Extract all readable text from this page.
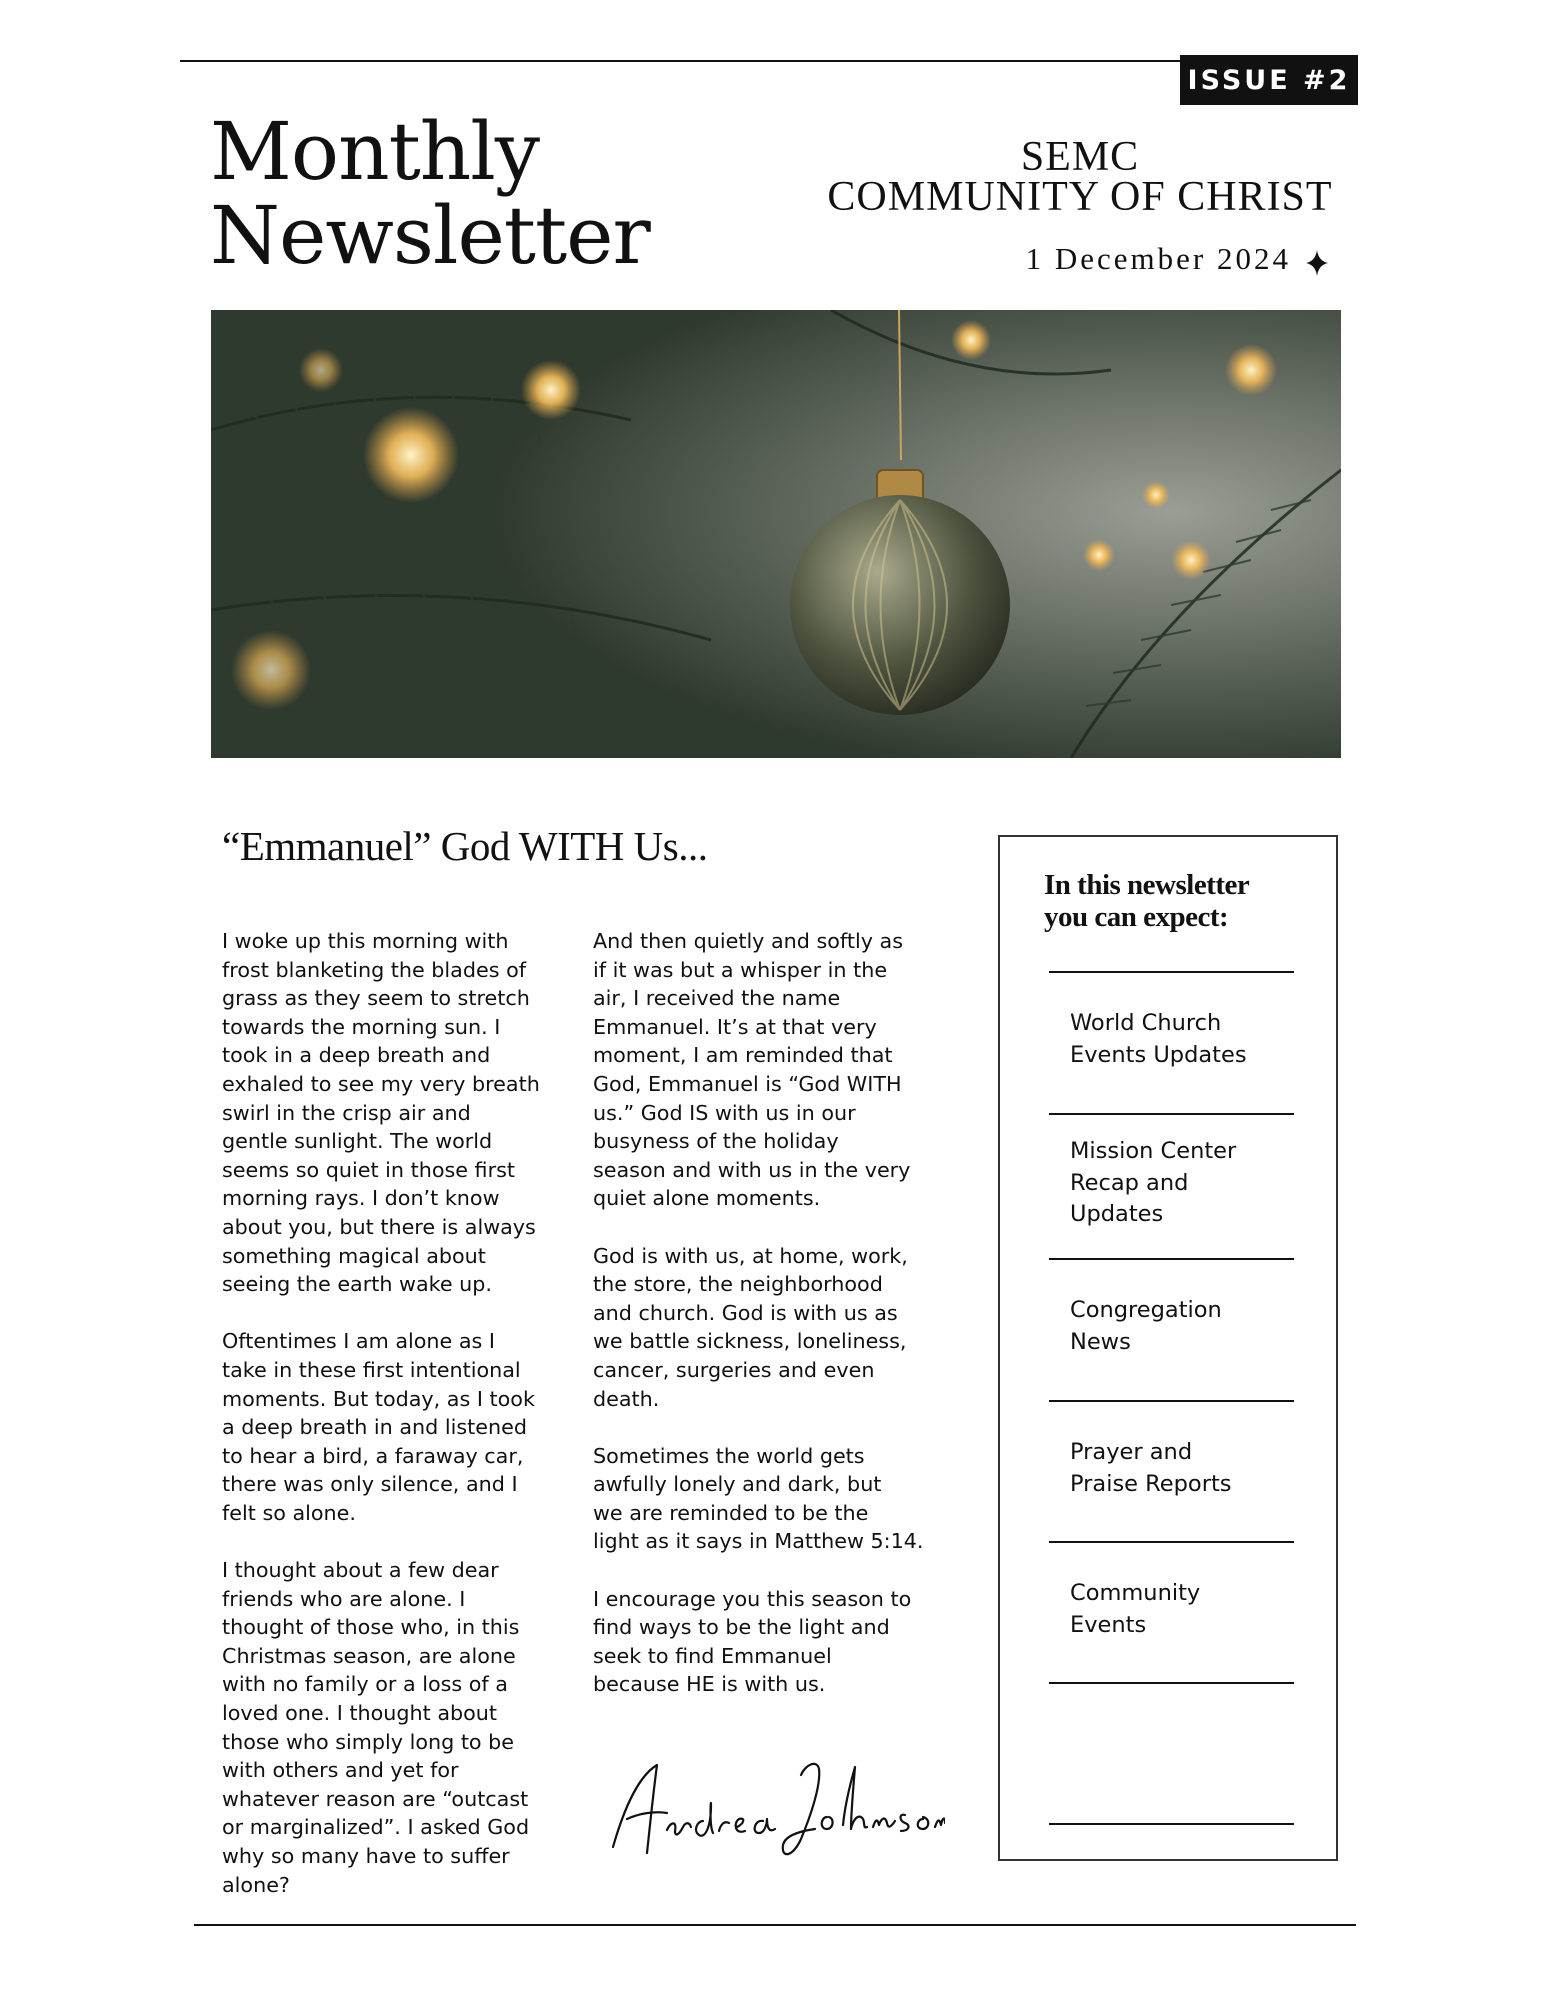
ISSUE #2
Monthly
Newsletter
SEMC
COMMUNITY OF CHRIST
1 December 2024
“Emmanuel” God WITH Us...

I woke up this morning with
frost blanketing the blades of
grass as they seem to stretch
towards the morning sun. I
took in a deep breath and
exhaled to see my very breath
swirl in the crisp air and
gentle sunlight. The world
seems so quiet in those first
morning rays. I don’t know
about you, but there is always
something magical about
seeing the earth wake up.

Oftentimes I am alone as I
take in these first intentional
moments. But today, as I took
a deep breath in and listened
to hear a bird, a faraway car,
there was only silence, and I
felt so alone.

I thought about a few dear
friends who are alone. I
thought of those who, in this
Christmas season, are alone
with no family or a loss of a
loved one. I thought about
those who simply long to be
with others and yet for
whatever reason are “outcast
or marginalized”. I asked God
why so many have to suffer
alone?

And then quietly and softly as
if it was but a whisper in the
air, I received the name
Emmanuel. It’s at that very
moment, I am reminded that
God, Emmanuel is “God WITH
us.” God IS with us in our
busyness of the holiday
season and with us in the very
quiet alone moments.

God is with us, at home, work,
the store, the neighborhood
and church. God is with us as
we battle sickness, loneliness,
cancer, surgeries and even
death.

Sometimes the world gets
awfully lonely and dark, but
we are reminded to be the
light as it says in Matthew 5:14.

I encourage you this season to
find ways to be the light and
seek to find Emmanuel
because HE is with us.

In this newsletter
you can expect:
World Church
Events Updates
Mission Center
Recap and
Updates
Congregation
News
Prayer and
Praise Reports
Community
Events
